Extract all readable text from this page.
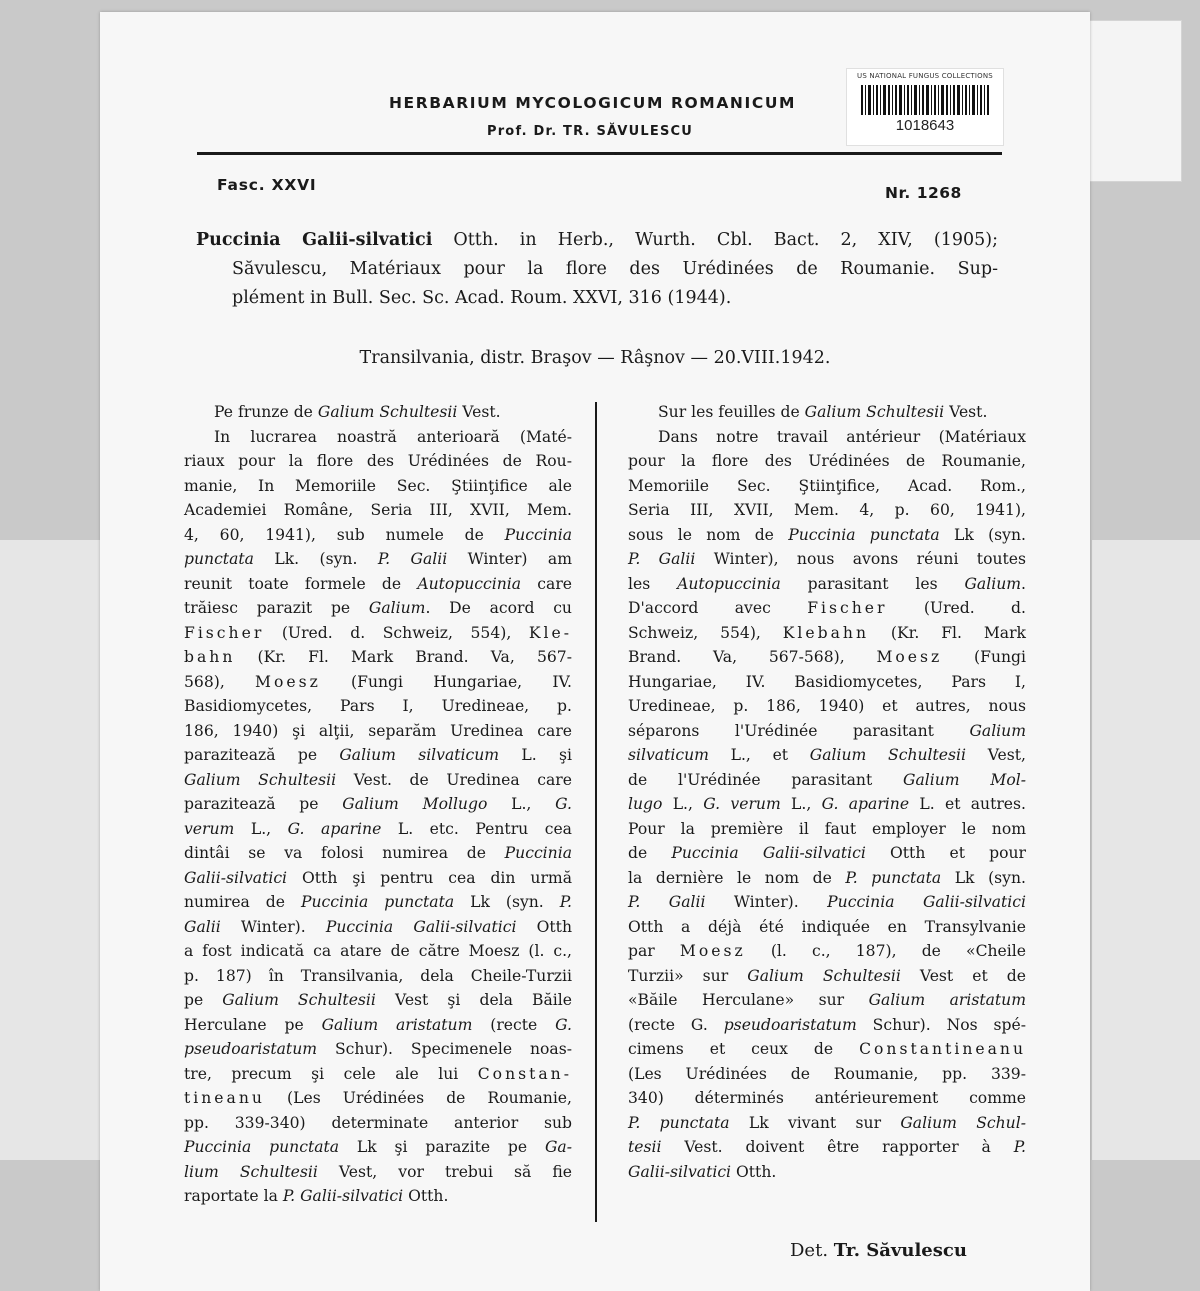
US NATIONAL FUNGUS COLLECTIONS
1018643
HERBARIUM MYCOLOGICUM ROMANICUM
Prof. Dr. TR. SĂVULESCU
Fasc. XXVI	Nr. 1268
Puccinia Galii-silvatici Otth. in Herb., Wurth. Cbl. Bact. 2, XIV, (1905);
Săvulescu, Matériaux pour la flore des Urédinées de Roumanie. Sup-
plément in Bull. Sec. Sc. Acad. Roum. XXVI, 316 (1944).
Transilvania, distr. Braşov — Râşnov — 20.VIII.1942.
Pe frunze de Galium Schultesii Vest.
In lucrarea noastră anterioară (Maté-
riaux pour la flore des Urédinées de Rou-
manie, In Memoriile Sec. Ştiinţifice ale
Academiei Române, Seria III, XVII, Mem.
4, 60, 1941), sub numele de Puccinia
punctata Lk. (syn. P. Galii Winter) am
reunit toate formele de Autopuccinia care
trăiesc parazit pe Galium. De acord cu
Fischer (Ured. d. Schweiz, 554), Kle-
bahn (Kr. Fl. Mark Brand. Va, 567-
568), Moesz (Fungi Hungariae, IV.
Basidiomycetes, Pars I, Uredineae, p.
186, 1940) şi alţii, separăm Uredinea care
parazitează pe Galium silvaticum L. şi
Galium Schultesii Vest. de Uredinea care
parazitează pe Galium Mollugo L., G.
verum L., G. aparine L. etc. Pentru cea
dintâi se va folosi numirea de Puccinia
Galii-silvatici Otth şi pentru cea din urmă
numirea de Puccinia punctata Lk (syn. P.
Galii Winter). Puccinia Galii-silvatici Otth
a fost indicată ca atare de către Moesz (l. c.,
p. 187) în Transilvania, dela Cheile-Turzii
pe Galium Schultesii Vest şi dela Băile
Herculane pe Galium aristatum (recte G.
pseudoaristatum Schur). Specimenele noas-
tre, precum şi cele ale lui Constan-
tineanu (Les Urédinées de Roumanie,
pp. 339-340) determinate anterior sub
Puccinia punctata Lk şi parazite pe Ga-
lium Schultesii Vest, vor trebui să fie
raportate la P. Galii-silvatici Otth.
Sur les feuilles de Galium Schultesii Vest.
Dans notre travail antérieur (Matériaux
pour la flore des Urédinées de Roumanie,
Memoriile Sec. Ştiinţifice, Acad. Rom.,
Seria III, XVII, Mem. 4, p. 60, 1941),
sous le nom de Puccinia punctata Lk (syn.
P. Galii Winter), nous avons réuni toutes
les Autopuccinia parasitant les Galium.
D'accord avec Fischer (Ured. d.
Schweiz, 554), Klebahn (Kr. Fl. Mark
Brand. Va, 567-568), Moesz (Fungi
Hungariae, IV. Basidiomycetes, Pars I,
Uredineae, p. 186, 1940) et autres, nous
séparons l'Urédinée parasitant Galium
silvaticum L., et Galium Schultesii Vest,
de l'Urédinée parasitant Galium Mol-
lugo L., G. verum L., G. aparine L. et autres.
Pour la première il faut employer le nom
de Puccinia Galii-silvatici Otth et pour
la dernière le nom de P. punctata Lk (syn.
P. Galii Winter). Puccinia Galii-silvatici
Otth a déjà été indiquée en Transylvanie
par Moesz (l. c., 187), de «Cheile
Turzii» sur Galium Schultesii Vest et de
«Băile Herculane» sur Galium aristatum
(recte G. pseudoaristatum Schur). Nos spé-
cimens et ceux de Constantineanu
(Les Urédinées de Roumanie, pp. 339-
340) déterminés antérieurement comme
P. punctata Lk vivant sur Galium Schul-
tesii Vest. doivent être rapporter à P.
Galii-silvatici Otth.
Det. Tr. Săvulescu
